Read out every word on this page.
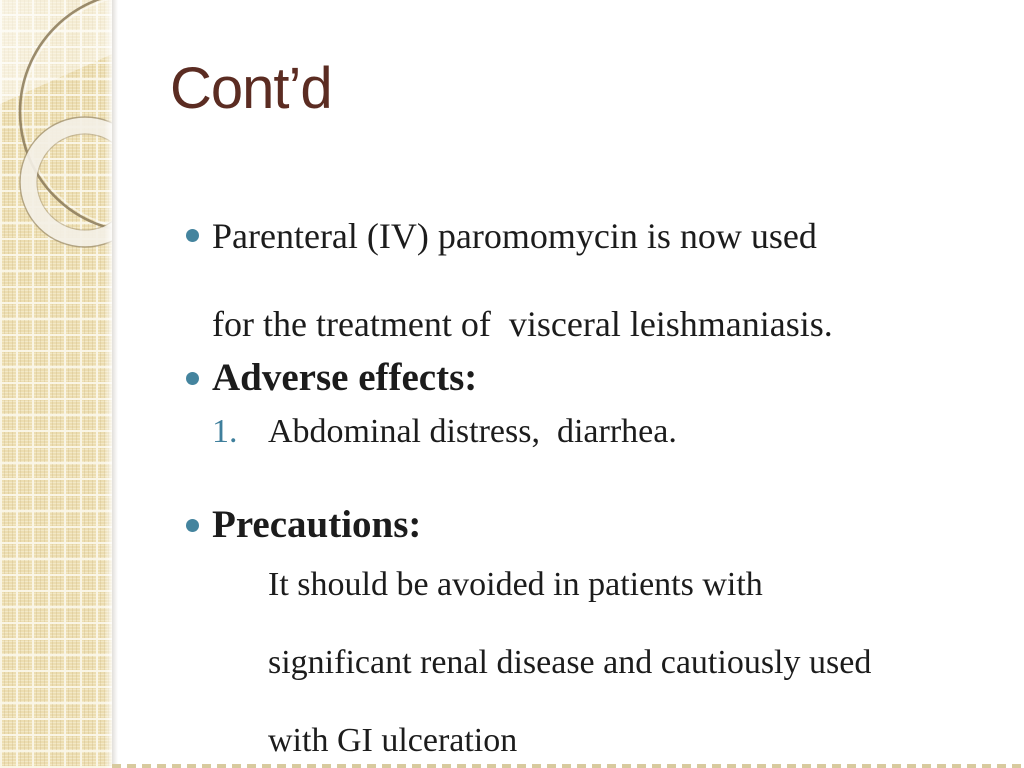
Cont’d
Parenteral (IV) paromomycin is now used

for the treatment of  visceral leishmaniasis.
Adverse effects:
1. Abdominal distress,  diarrhea.
Precautions:
It should be avoided in patients with

significant renal disease and cautiously used

with GI ulceration
